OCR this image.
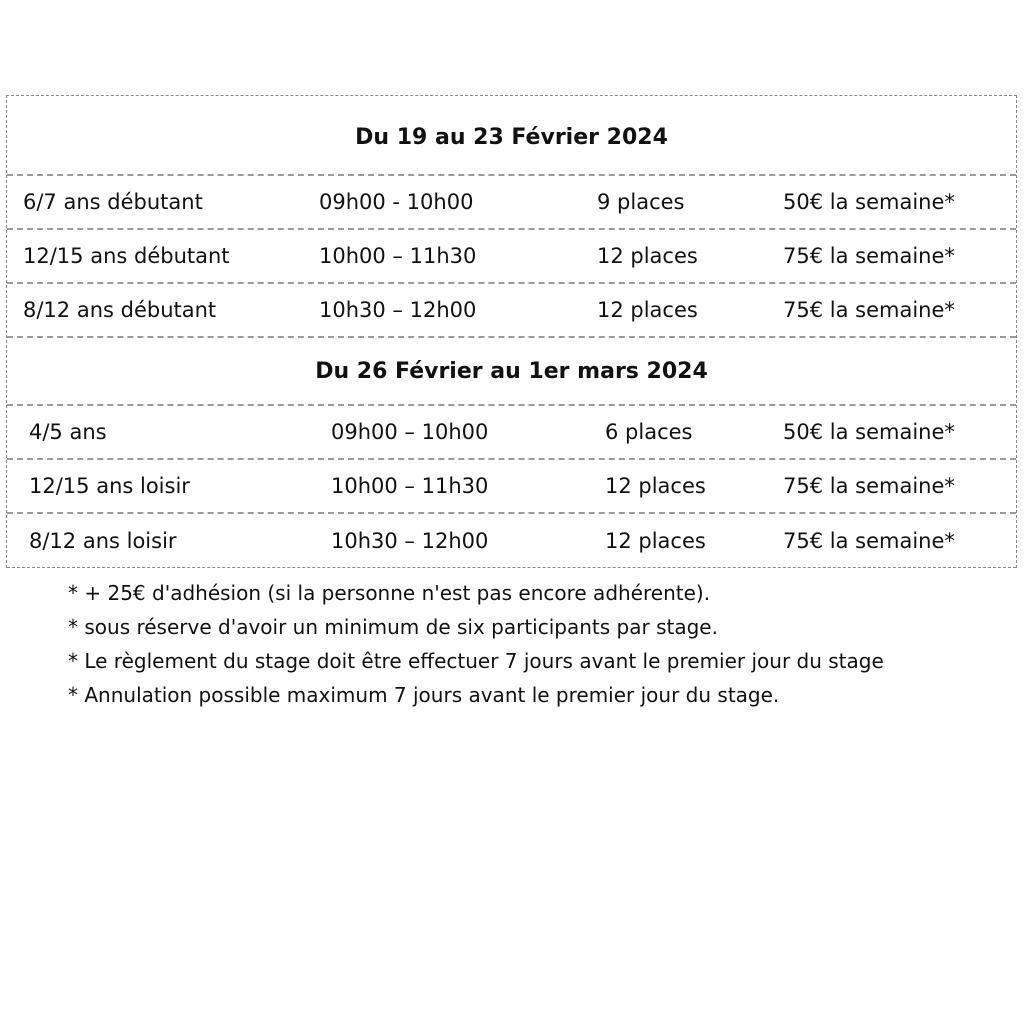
Du 19 au 23 Février 2024
6/7 ans débutant	09h00 - 10h00	9 places	50€ la semaine*
12/15 ans débutant	10h00 – 11h30	12 places	75€ la semaine*
8/12 ans débutant	10h30 – 12h00	12 places	75€ la semaine*
Du 26 Février au 1er mars 2024
4/5 ans	09h00 – 10h00	6 places	50€ la semaine*
12/15 ans loisir	10h00 – 11h30	12 places	75€ la semaine*
8/12 ans loisir	10h30 – 12h00	12 places	75€ la semaine*
* + 25€ d'adhésion (si la personne n'est pas encore adhérente).
* sous réserve d'avoir un minimum de six participants par stage.
* Le règlement du stage doit être effectuer 7 jours avant le premier jour du stage
* Annulation possible maximum 7 jours avant le premier jour du stage.
